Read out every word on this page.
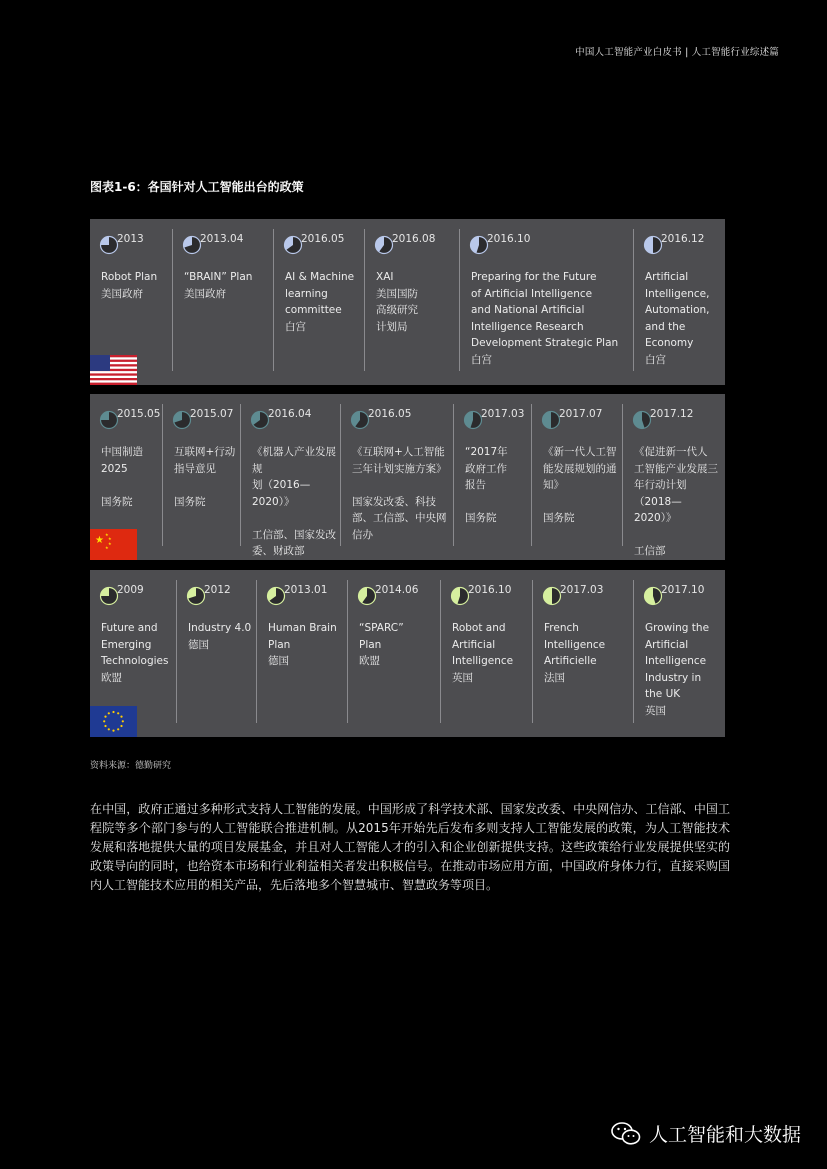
中国人工智能产业白皮书 | 人工智能行业综述篇
图表1-6：各国针对人工智能出台的政策
2013
Robot Plan
美国政府
2013.04
“BRAIN” Plan
美国政府
2016.05
AI & Machine
learning
committee
白宫
2016.08
XAI
美国国防
高级研究
计划局
2016.10
Preparing for the Future
of Artificial Intelligence
and National Artificial
Intelligence Research
Development Strategic Plan
白宫
2016.12
Artificial
Intelligence,
Automation,
and the
Economy
白宫
2015.05
中国制造
2025

国务院
2015.07
互联网+行动
指导意见

国务院
2016.04
《机器人产业发展规
划（2016—2020）》

工信部、国家发改
委、财政部
2016.05
《互联网+人工智能
三年计划实施方案》

国家发改委、科技
部、工信部、中央网
信办
2017.03
“2017年
政府工作
报告

国务院
2017.07
《新一代人工智
能发展规划的通
知》

国务院
2017.12
《促进新一代人
工智能产业发展三
年行动计划
（2018—2020）》

工信部
★
★
★
★
★
2009
Future and
Emerging
Technologies
欧盟
2012
Industry 4.0
德国
2013.01
Human Brain
Plan
德国
2014.06
“SPARC”
Plan
欧盟
2016.10
Robot and
Artificial
Intelligence
英国
2017.03
French
Intelligence
Artificielle
法国
2017.10
Growing the
Artificial
Intelligence
Industry in
the UK
英国
资料来源：德勤研究
在中国，政府正通过多种形式支持人工智能的发展。中国形成了科学技术部、国家发改委、中央网信办、工信部、中国工程院等多个部门参与的人工智能联合推进机制。从2015年开始先后发布多则支持人工智能发展的政策，为人工智能技术发展和落地提供大量的项目发展基金，并且对人工智能人才的引入和企业创新提供支持。这些政策给行业发展提供坚实的政策导向的同时，也给资本市场和行业利益相关者发出积极信号。在推动市场应用方面，中国政府身体力行，直接采购国内人工智能技术应用的相关产品，先后落地多个智慧城市、智慧政务等项目。
人工智能和大数据
